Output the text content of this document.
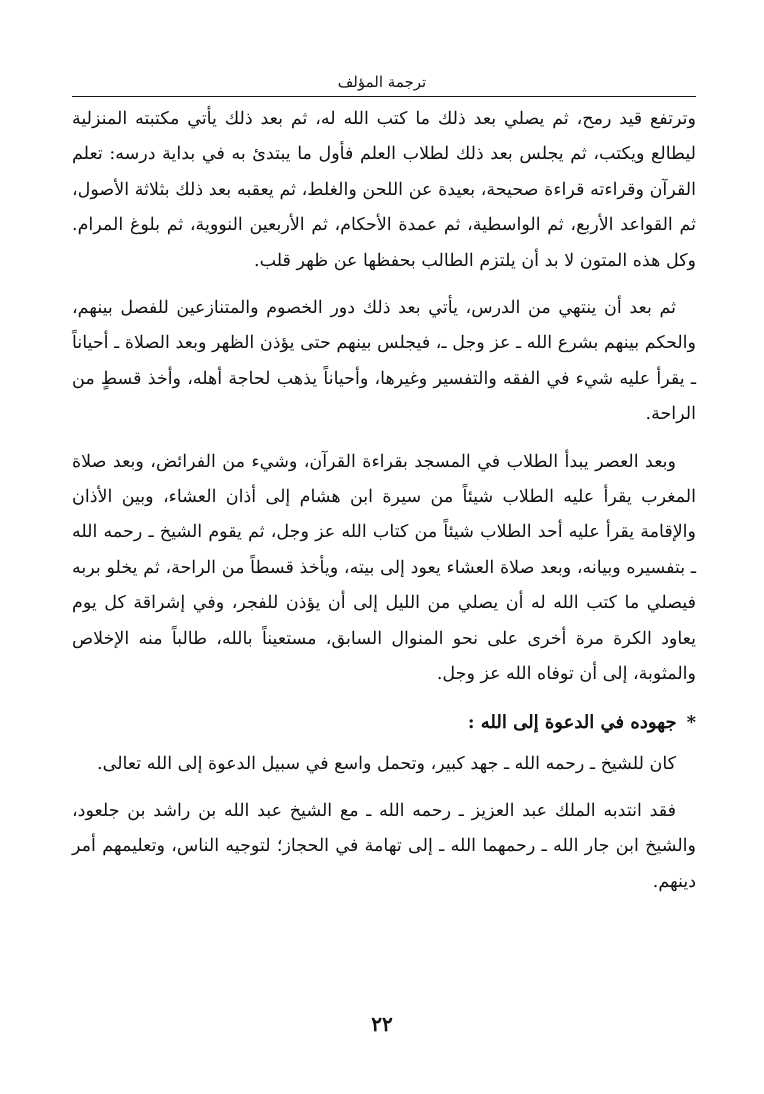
ترجمة المؤلف

وترتفع قيد رمح، ثم يصلي بعد ذلك ما كتب الله له، ثم بعد ذلك يأتي مكتبته المنزلية ليطالع ويكتب، ثم يجلس بعد ذلك لطلاب العلم فأول ما يبتدئ به في بداية درسه: تعلم القرآن وقراءته قراءة صحيحة، بعيدة عن اللحن والغلط، ثم يعقبه بعد ذلك بثلاثة الأصول، ثم القواعد الأربع، ثم الواسطية، ثم عمدة الأحكام، ثم الأربعين النووية، ثم بلوغ المرام. وكل هذه المتون لا بد أن يلتزم الطالب بحفظها عن ظهر قلب.

ثم بعد أن ينتهي من الدرس، يأتي بعد ذلك دور الخصوم والمتنازعين للفصل بينهم، والحكم بينهم بشرع الله ـ عز وجل ـ، فيجلس بينهم حتى يؤذن الظهر وبعد الصلاة ـ أحياناً ـ يقرأ عليه شيء في الفقه والتفسير وغيرها، وأحياناً يذهب لحاجة أهله، وأخذ قسطٍ من الراحة.

وبعد العصر يبدأ الطلاب في المسجد بقراءة القرآن، وشيء من الفرائض، وبعد صلاة المغرب يقرأ عليه الطلاب شيئاً من سيرة ابن هشام إلى أذان العشاء، وبين الأذان والإقامة يقرأ عليه أحد الطلاب شيئاً من كتاب الله عز وجل، ثم يقوم الشيخ ـ رحمه الله ـ بتفسيره وبيانه، وبعد صلاة العشاء يعود إلى بيته، ويأخذ قسطاً من الراحة، ثم يخلو بربه فيصلي ما كتب الله له أن يصلي من الليل إلى أن يؤذن للفجر، وفي إشراقة كل يوم يعاود الكرة مرة أخرى على نحو المنوال السابق، مستعيناً بالله، طالباً منه الإخلاص والمثوبة، إلى أن توفاه الله عز وجل.

*جهوده في الدعوة إلى الله :

كان للشيخ ـ رحمه الله ـ جهد كبير، وتحمل واسع في سبيل الدعوة إلى الله تعالى.

فقد انتدبه الملك عبد العزيز ـ رحمه الله ـ مع الشيخ عبد الله بن راشد بن جلعود، والشيخ ابن جار الله ـ رحمهما الله ـ إلى تهامة في الحجاز؛ لتوجيه الناس، وتعليمهم أمر دينهم.

٢٢
